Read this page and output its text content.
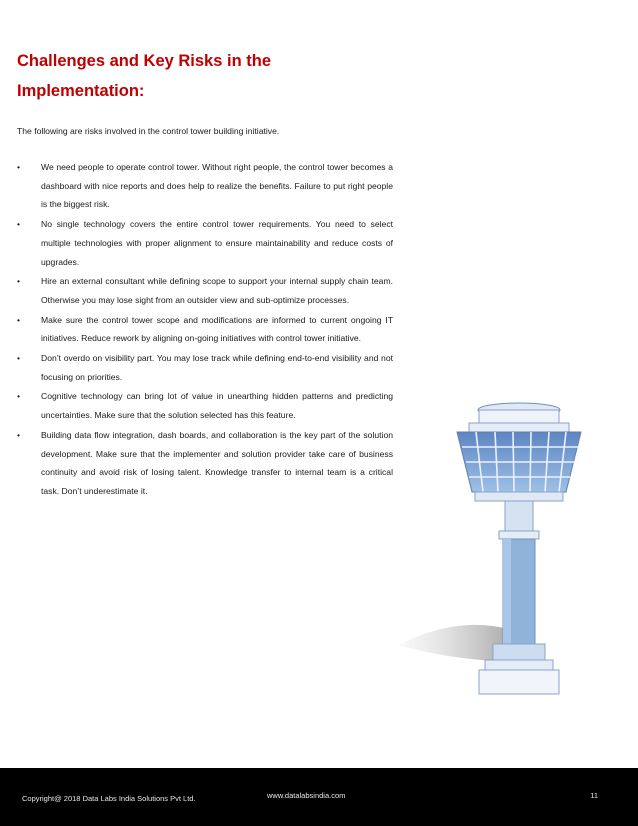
Challenges and Key Risks in the
Implementation:

The following are risks involved in the control tower building initiative.

•	We need people to operate control tower. Without right people, the control tower becomes a dashboard with nice reports and does help to realize the benefits. Failure to put right people is the biggest risk.
•	No single technology covers the entire control tower requirements. You need to select multiple technologies with proper alignment to ensure maintainability and reduce costs of upgrades.
•	Hire an external consultant while defining scope to support your internal supply chain team. Otherwise you may lose sight from an outsider view and sub-optimize processes.
•	Make sure the control tower scope and modifications are informed to current ongoing IT initiatives. Reduce rework by aligning on-going initiatives with control tower initiative.
•	Don’t overdo on visibility part. You may lose track while defining end-to-end visibility and not focusing on priorities.
•	Cognitive technology can bring lot of value in unearthing hidden patterns and predicting uncertainties. Make sure that the solution selected has this feature.
•	Building data flow integration, dash boards, and collaboration is the key part of the solution development. Make sure that the implementer and solution provider take care of business continuity and avoid risk of losing talent. Knowledge transfer to internal team is a critical task. Don’t underestimate it.
Copyright@ 2018 Data Labs India Solutions Pvt Ltd.	www.datalabsindia.com	11
